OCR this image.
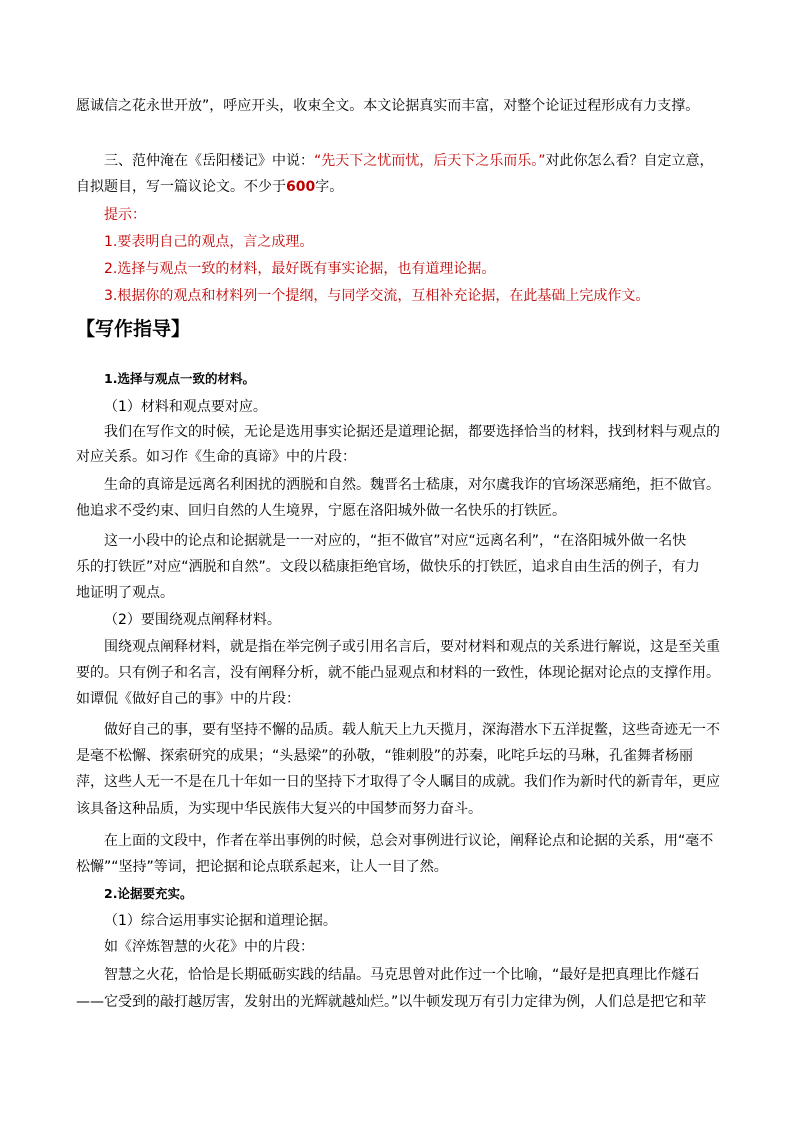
愿诚信之花永世开放”，呼应开头，收束全文。本文论据真实而丰富，对整个论证过程形成有力支撑。
三、范仲淹在《岳阳楼记》中说：“先天下之忧而忧，后天下之乐而乐。”对此你怎么看？自定立意，
自拟题目，写一篇议论文。不少于600字。
提示：
1.要表明自己的观点，言之成理。
2.选择与观点一致的材料，最好既有事实论据，也有道理论据。
3.根据你的观点和材料列一个提纲，与同学交流，互相补充论据，在此基础上完成作文。
【写作指导】
1.选择与观点一致的材料。
（1）材料和观点要对应。
我们在写作文的时候，无论是选用事实论据还是道理论据，都要选择恰当的材料，找到材料与观点的
对应关系。如习作《生命的真谛》中的片段：
生命的真谛是远离名利困扰的洒脱和自然。魏晋名士嵇康，对尔虞我诈的官场深恶痛绝，拒不做官。
他追求不受约束、回归自然的人生境界，宁愿在洛阳城外做一名快乐的打铁匠。
这一小段中的论点和论据就是一一对应的，“拒不做官”对应“远离名利”，“在洛阳城外做一名快
乐的打铁匠”对应“洒脱和自然”。文段以嵇康拒绝官场，做快乐的打铁匠，追求自由生活的例子，有力
地证明了观点。
（2）要围绕观点阐释材料。
围绕观点阐释材料，就是指在举完例子或引用名言后，要对材料和观点的关系进行解说，这是至关重
要的。只有例子和名言，没有阐释分析，就不能凸显观点和材料的一致性，体现论据对论点的支撑作用。
如谭侃《做好自己的事》中的片段：
做好自己的事，要有坚持不懈的品质。载人航天上九天揽月，深海潜水下五洋捉鳖，这些奇迹无一不
是毫不松懈、探索研究的成果；“头悬梁”的孙敬，“锥刺股”的苏秦，叱咤乒坛的马琳，孔雀舞者杨丽
萍，这些人无一不是在几十年如一日的坚持下才取得了令人瞩目的成就。我们作为新时代的新青年，更应
该具备这种品质，为实现中华民族伟大复兴的中国梦而努力奋斗。
在上面的文段中，作者在举出事例的时候，总会对事例进行议论，阐释论点和论据的关系，用“毫不
松懈”“坚持”等词，把论据和论点联系起来，让人一目了然。
2.论据要充实。
（1）综合运用事实论据和道理论据。
如《淬炼智慧的火花》中的片段：
智慧之火花，恰恰是长期砥砺实践的结晶。马克思曾对此作过一个比喻，“最好是把真理比作燧石
——它受到的敲打越厉害，发射出的光辉就越灿烂。”以牛顿发现万有引力定律为例，人们总是把它和苹
